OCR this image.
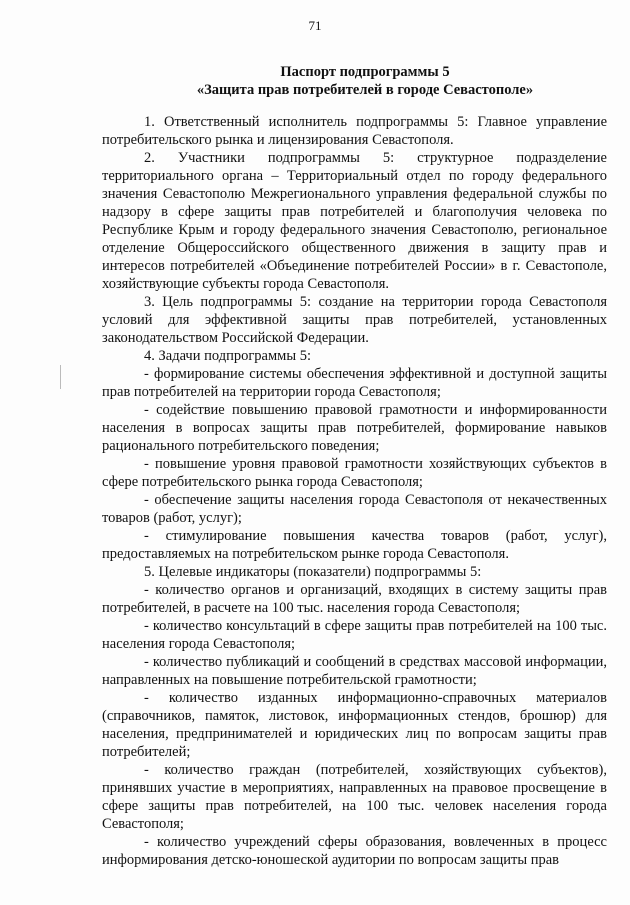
71
Паспорт подпрограммы 5
«Защита прав потребителей в городе Севастополе»

1. Ответственный исполнитель подпрограммы 5: Главное управление потребительского рынка и лицензирования Севастополя.

2. Участники подпрограммы 5: структурное подразделение территориального органа – Территориальный отдел по городу федерального значения Севастополю Межрегионального управления федеральной службы по надзору в сфере защиты прав потребителей и благополучия человека по Республике Крым и городу федерального значения Севастополю, региональное отделение Общероссийского общественного движения в защиту прав и интересов потребителей «Объединение потребителей России» в г. Севастополе, хозяйствующие субъекты города Севастополя.

3. Цель подпрограммы 5: создание на территории города Севастополя условий для эффективной защиты прав потребителей, установленных законодательством Российской Федерации.

4. Задачи подпрограммы 5:

- формирование системы обеспечения эффективной и доступной защиты прав потребителей на территории города Севастополя;

- содействие повышению правовой грамотности и информированности населения в вопросах защиты прав потребителей, формирование навыков рационального потребительского поведения;

- повышение уровня правовой грамотности хозяйствующих субъектов в сфере потребительского рынка города Севастополя;

- обеспечение защиты населения города Севастополя от некачественных товаров (работ, услуг);

- стимулирование повышения качества товаров (работ, услуг), предоставляемых на потребительском рынке города Севастополя.

5. Целевые индикаторы (показатели) подпрограммы 5:

- количество органов и организаций, входящих в систему защиты прав потребителей, в расчете на 100 тыс. населения города Севастополя;

- количество консультаций в сфере защиты прав потребителей на 100 тыс. населения города Севастополя;

- количество публикаций и сообщений в средствах массовой информации, направленных на повышение потребительской грамотности;

- количество изданных информационно-справочных материалов (справочников, памяток, листовок, информационных стендов, брошюр) для населения, предпринимателей и юридических лиц по вопросам защиты прав потребителей;

- количество граждан (потребителей, хозяйствующих субъектов), принявших участие в мероприятиях, направленных на правовое просвещение в сфере защиты прав потребителей, на 100 тыс. человек населения города Севастополя;

- количество учреждений сферы образования, вовлеченных в процесс информирования детско-юношеской аудитории по вопросам защиты прав
